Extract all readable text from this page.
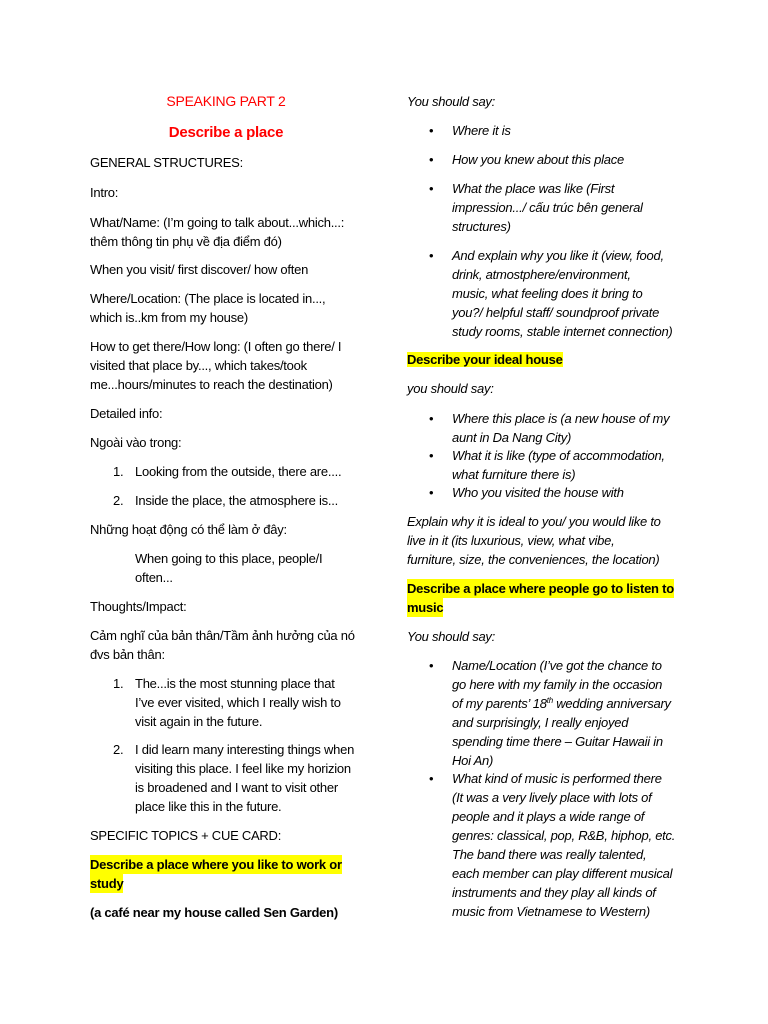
SPEAKING PART 2
Describe a place
GENERAL STRUCTURES:
Intro:
What/Name: (I’m going to talk about...which...:
thêm thông tin phụ về địa điểm đó)
When you visit/ first discover/ how often
Where/Location: (The place is located in...,
which is..km from my house)
How to get there/How long: (I often go there/ I
visited that place by..., which takes/took
me...hours/minutes to reach the destination)
Detailed info:
Ngoài vào trong:
1. Looking from the outside, there are....
2. Inside the place, the atmosphere is...
Những hoạt động có thể làm ở đây:
When going to this place, people/I
often...
Thoughts/Impact:
Cảm nghĩ của bản thân/Tầm ảnh hưởng của nó
đvs bản thân:
1. The...is the most stunning place that
I’ve ever visited, which I really wish to
visit again in the future.
2. I did learn many interesting things when
visiting this place. I feel like my horizion
is broadened and I want to visit other
place like this in the future.
SPECIFIC TOPICS + CUE CARD:
Describe a place where you like to work or
study
(a café near my house called Sen Garden)
You should say:
• Where it is
• How you knew about this place
• What the place was like (First
impression.../ cấu trúc bên general
structures)
• And explain why you like it (view, food,
drink, atmostphere/environment,
music, what feeling does it bring to
you?/ helpful staff/ soundproof private
study rooms, stable internet connection)
Describe your ideal house
you should say:
• Where this place is (a new house of my
aunt in Da Nang City)
• What it is like (type of accommodation,
what furniture there is)
• Who you visited the house with
Explain why it is ideal to you/ you would like to
live in it (its luxurious, view, what vibe,
furniture, size, the conveniences, the location)
Describe a place where people go to listen to
music
You should say:
• Name/Location (I’ve got the chance to
go here with my family in the occasion
of my parents’ 18th wedding anniversary
and surprisingly, I really enjoyed
spending time there – Guitar Hawaii in
Hoi An)
• What kind of music is performed there
(It was a very lively place with lots of
people and it plays a wide range of
genres: classical, pop, R&B, hiphop, etc.
The band there was really talented,
each member can play different musical
instruments and they play all kinds of
music from Vietnamese to Western)
